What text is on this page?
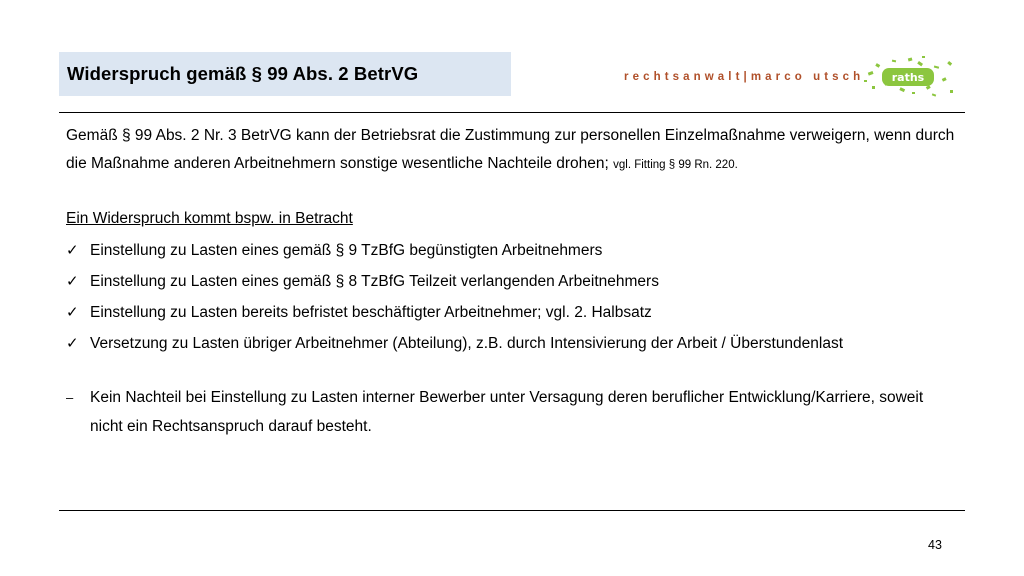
Widerspruch gemäß § 99 Abs. 2 BetrVG	rechtsanwalt|marco utsch raths

Gemäß § 99 Abs. 2 Nr. 3 BetrVG kann der Betriebsrat die Zustimmung zur personellen Einzelmaßnahme verweigern, wenn durch die Maßnahme anderen Arbeitnehmern sonstige wesentliche Nachteile drohen; vgl. Fitting § 99 Rn. 220.

Ein Widerspruch kommt bspw. in Betracht
✓ Einstellung zu Lasten eines gemäß § 9 TzBfG begünstigten Arbeitnehmers
✓ Einstellung zu Lasten eines gemäß § 8 TzBfG Teilzeit verlangenden Arbeitnehmers
✓ Einstellung zu Lasten bereits befristet beschäftigter Arbeitnehmer; vgl. 2. Halbsatz
✓ Versetzung zu Lasten übriger Arbeitnehmer (Abteilung), z.B. durch Intensivierung der Arbeit / Überstundenlast
–	Kein Nachteil bei Einstellung zu Lasten interner Bewerber unter Versagung deren beruflicher Entwicklung/Karriere, soweit nicht ein Rechtsanspruch darauf besteht.
43
